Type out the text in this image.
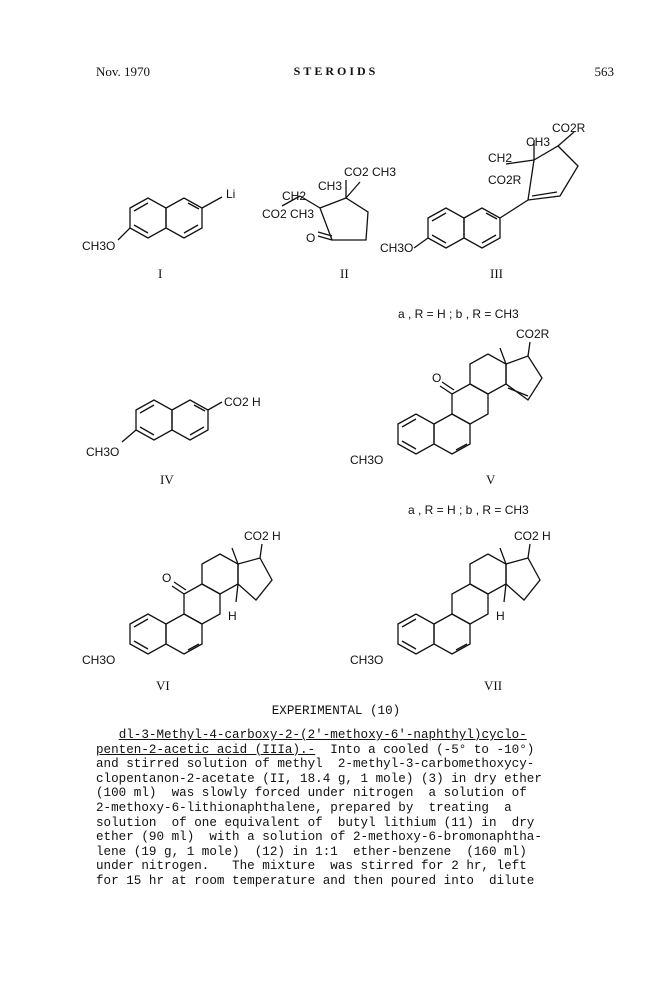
Nov. 1970	STEROIDS	563
Li
CH3O
I
CO2 CH3
CH3
CH2
CO2 CH3
O
II
CO2R
CH3
CH2
CO2R
CH3O
III
a , R = H ; b , R = CH3
CO2 H
CH3O
IV
CO2R
O
CH3O
V
a , R = H ; b , R = CH3
CO2 H
O
H
CH3O
VI
CO2 H
H
CH3O
VII
EXPERIMENTAL (10)
dl-3-Methyl-4-carboxy-2-(2'-methoxy-6'-naphthyl)cyclo-
penten-2-acetic acid (IIIa).-  Into a cooled (-5° to -10°)
and stirred solution of methyl  2-methyl-3-carbomethoxycy-
clopentanon-2-acetate (II, 18.4 g, 1 mole) (3) in dry ether
(100 ml)  was slowly forced under nitrogen  a solution of
2-methoxy-6-lithionaphthalene, prepared by  treating  a
solution  of one equivalent of  butyl lithium (11) in  dry
ether (90 ml)  with a solution of 2-methoxy-6-bromonaphtha-
lene (19 g, 1 mole)  (12) in 1:1  ether-benzene  (160 ml)
under nitrogen.   The mixture  was stirred for 2 hr, left
for 15 hr at room temperature and then poured into  dilute
